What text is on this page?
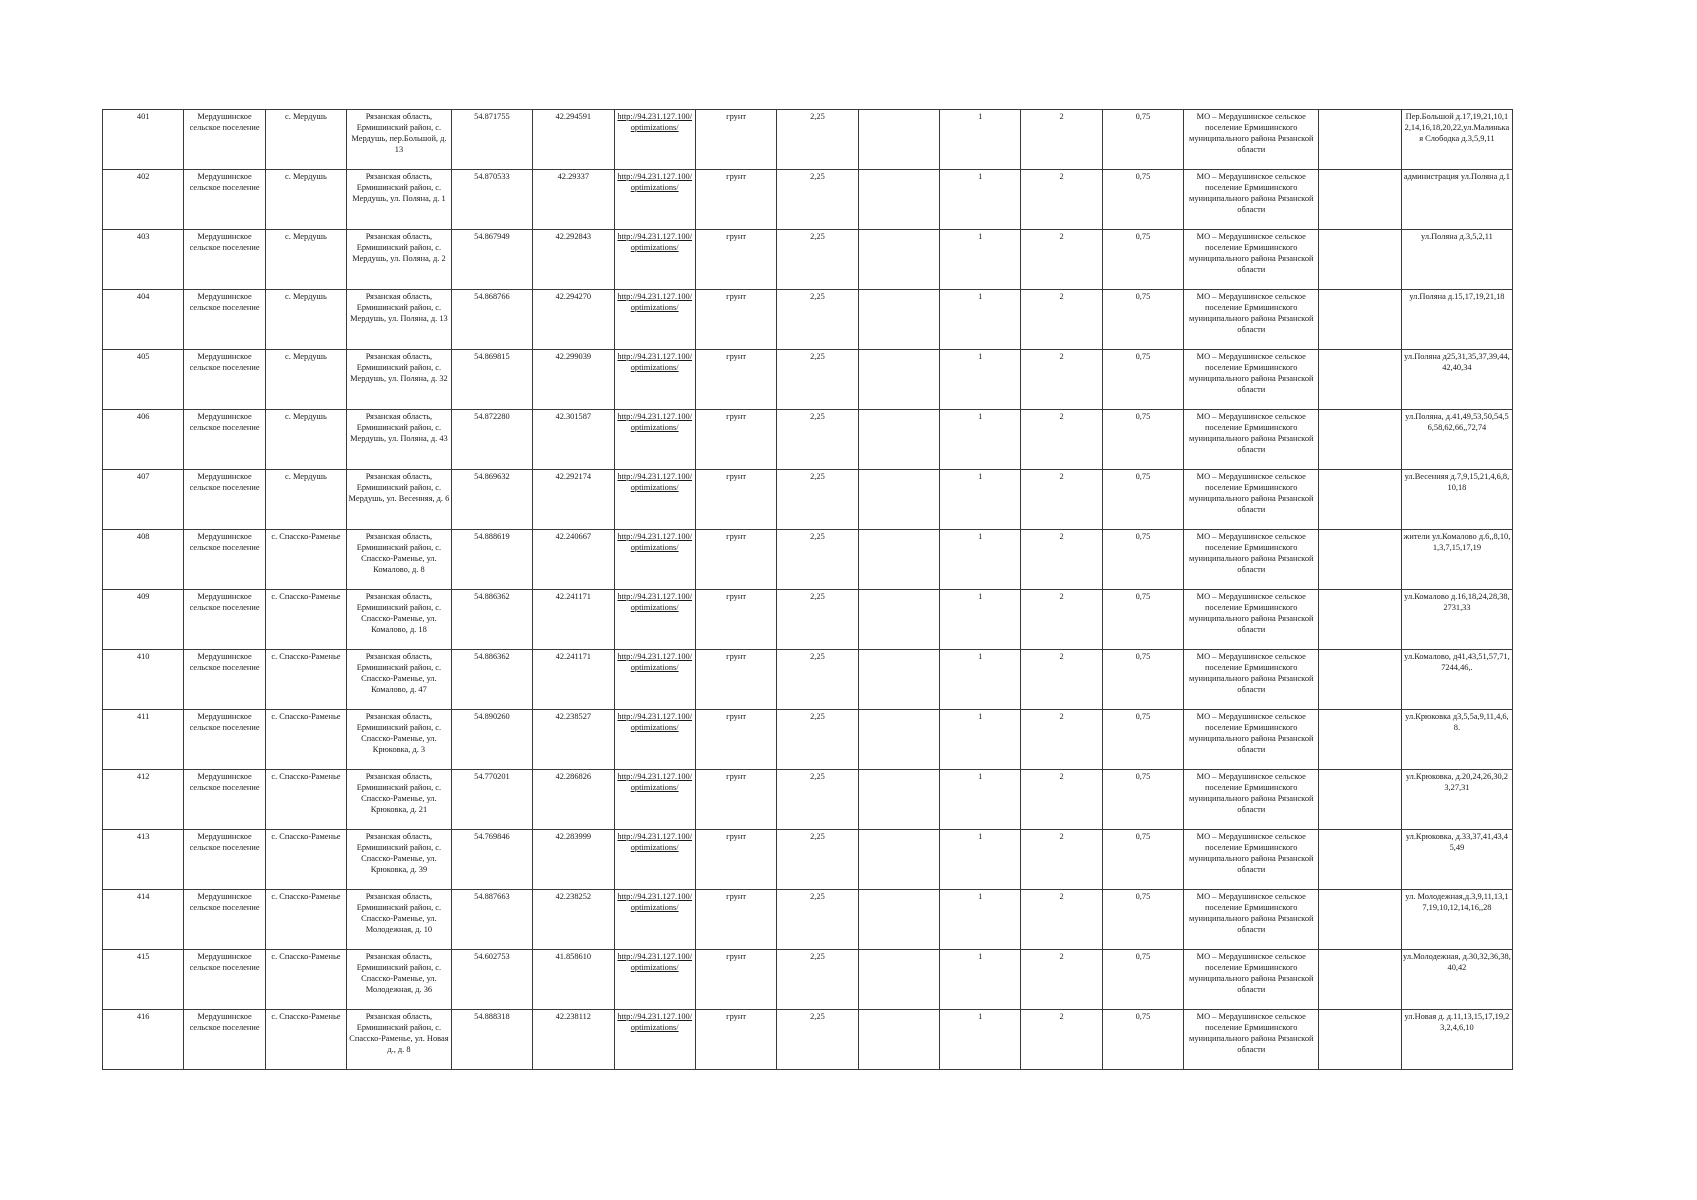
401	Мердушинское сельское поселение	с. Мердушь	Рязанская область, Ермишинский район, с. Мердушь, пер.Большой, д. 13	54.871755	42.294591	http://94.231.127.100/optimizations/	грунт	2,25		1	2	0,75	МО – Мердушинское сельское поселение Ермишинского муниципального района Рязанской области		Пер.Большой д.17,19,21,10,12,14,16,18,20,22,ул.Малинькая Слободка д.3,5,9,11
402	Мердушинское сельское поселение	с. Мердушь	Рязанская область, Ермишинский район, с. Мердушь, ул. Полянa, д. 1	54.870533	42.29337	http://94.231.127.100/optimizations/	грунт	2,25		1	2	0,75	МО – Мердушинское сельское поселение Ермишинского муниципального района Рязанской области		администрация ул.Поляна д.1
403	Мердушинское сельское поселение	с. Мердушь	Рязанская область, Ермишинский район, с. Мердушь, ул. Поляна, д. 2	54.867949	42.292843	http://94.231.127.100/optimizations/	грунт	2,25		1	2	0,75	МО – Мердушинское сельское поселение Ермишинского муниципального района Рязанской области		ул.Поляна д.3,5,2,11
404	Мердушинское сельское поселение	с. Мердушь	Рязанская область, Ермишинский район, с. Мердушь, ул. Поляна, д. 13	54.868766	42.294270	http://94.231.127.100/optimizations/	грунт	2,25		1	2	0,75	МО – Мердушинское сельское поселение Ермишинского муниципального района Рязанской области		ул.Поляна д.15,17,19,21,18
405	Мердушинское сельское поселение	с. Мердушь	Рязанская область, Ермишинский район, с. Мердушь, ул. Поляна, д. 32	54.869815	42.299039	http://94.231.127.100/optimizations/	грунт	2,25		1	2	0,75	МО – Мердушинское сельское поселение Ермишинского муниципального района Рязанской области		ул.Поляна д25,31,35,37,39,44,42,40,34
406	Мердушинское сельское поселение	с. Мердушь	Рязанская область, Ермишинский район, с. Мердушь, ул. Поляна, д. 43	54.872280	42.301587	http://94.231.127.100/optimizations/	грунт	2,25		1	2	0,75	МО – Мердушинское сельское поселение Ермишинского муниципального района Рязанской области		ул.Поляна, д.41,49,53,50,54,56,58,62,66,,72,74
407	Мердушинское сельское поселение	с. Мердушь	Рязанская область, Ермишинский район, с. Мердушь, ул. Весенняя, д. 6	54.869632	42.292174	http://94.231.127.100/optimizations/	грунт	2,25		1	2	0,75	МО – Мердушинское сельское поселение Ермишинского муниципального района Рязанской области		ул.Весенняя д.7,9,15,21,4,6,8,10,18
408	Мердушинское сельское поселение	с. Спасско-Раменье	Рязанская область, Ермишинский район, с. Спасско-Раменье, ул. Комалово, д. 8	54.888619	42.240667	http://94.231.127.100/optimizations/	грунт	2,25		1	2	0,75	МО – Мердушинское сельское поселение Ермишинского муниципального района Рязанской области		жители ул.Комалово д.6,,8,10,1,3,7,15,17,19
409	Мердушинское сельское поселение	с. Спасско-Раменье	Рязанская область, Ермишинский район, с. Спасско-Раменье, ул. Комалово, д. 18	54.886362	42.241171	http://94.231.127.100/optimizations/	грунт	2,25		1	2	0,75	МО – Мердушинское сельское поселение Ермишинского муниципального района Рязанской области		ул.Комалово д.16,18,24,28,38,2731,33
410	Мердушинское сельское поселение	с. Спасско-Раменье	Рязанская область, Ермишинский район, с. Спасско-Раменье, ул. Комалово, д. 47	54.886362	42.241171	http://94.231.127.100/optimizations/	грунт	2,25		1	2	0,75	МО – Мердушинское сельское поселение Ермишинского муниципального района Рязанской области		ул.Комалово, д41,43,51,57,71,7244,46,.
411	Мердушинское сельское поселение	с. Спасско-Раменье	Рязанская область, Ермишинский район, с. Спасско-Раменье, ул. Крюковка, д. 3	54.890260	42.238527	http://94.231.127.100/optimizations/	грунт	2,25		1	2	0,75	МО – Мердушинское сельское поселение Ермишинского муниципального района Рязанской области		ул.Крюковка д3,5,5а,9,11,4,6,8.
412	Мердушинское сельское поселение	с. Спасско-Раменье	Рязанская область, Ермишинский район, с. Спасско-Раменье, ул. Крюковка, д. 21	54.770201	42.286826	http://94.231.127.100/optimizations/	грунт	2,25		1	2	0,75	МО – Мердушинское сельское поселение Ермишинского муниципального района Рязанской области		ул.Крюковка, д.20,24,26,30,23,27,31
413	Мердушинское сельское поселение	с. Спасско-Раменье	Рязанская область, Ермишинский район, с. Спасско-Раменье, ул. Крюковка, д. 39	54.769846	42.283999	http://94.231.127.100/optimizations/	грунт	2,25		1	2	0,75	МО – Мердушинское сельское поселение Ермишинского муниципального района Рязанской области		ул.Крюковка, д.33,37,41,43,45,49
414	Мердушинское сельское поселение	с. Спасско-Раменье	Рязанская область, Ермишинский район, с. Спасско-Раменье, ул. Молодежная, д. 10	54.887663	42.238252	http://94.231.127.100/optimizations/	грунт	2,25		1	2	0,75	МО – Мердушинское сельское поселение Ермишинского муниципального района Рязанской области		ул. Молодежная,д.3,9,11,13,17,19,10,12,14,16,,28
415	Мердушинское сельское поселение	с. Спасско-Раменье	Рязанская область, Ермишинский район, с. Спасско-Раменье, ул. Молодежная, д. 36	54.602753	41.858610	http://94.231.127.100/optimizations/	грунт	2,25		1	2	0,75	МО – Мердушинское сельское поселение Ермишинского муниципального района Рязанской области		ул.Молодежная, д.30,32,36,38,40,42
416	Мердушинское сельское поселение	с. Спасско-Раменье	Рязанская область, Ермишинский район, с. Спасско-Раменье, ул. Новая д., д. 8	54.888318	42.238112	http://94.231.127.100/optimizations/	грунт	2,25		1	2	0,75	МО – Мердушинское сельское поселение Ермишинского муниципального района Рязанской области		ул.Новая д. д.11,13,15,17,19,23,2,4,6,10
